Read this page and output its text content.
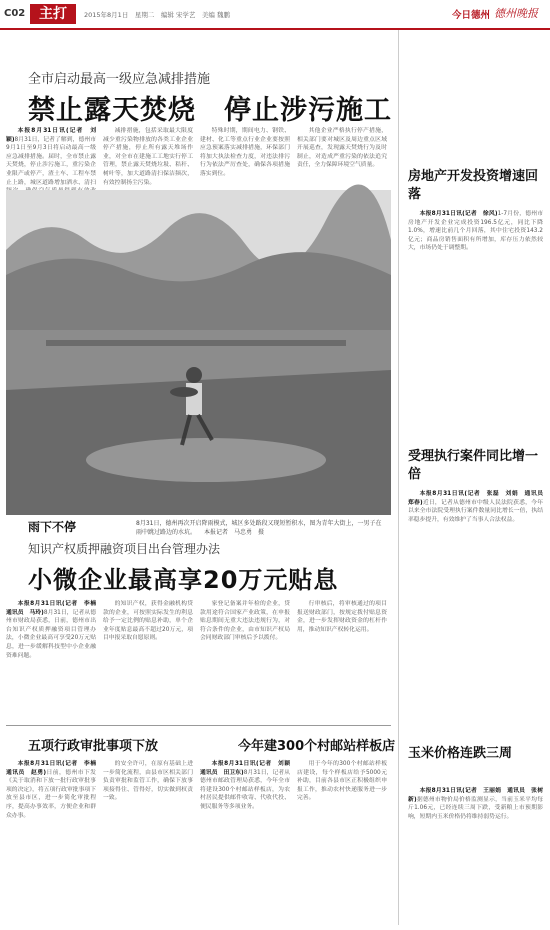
C02 主打	2015年8月1日　星期二　编辑 宋学艺　美编 魏鹏	今日德州 德州晚报
全市启动最高一级应急减排措施
禁止露天焚烧　停止涉污施工

本报8月31日讯(记者　刘颖)8月31日，记者了解到，德州市9月1日至9月3日将启动最高一级应急减排措施。届时，全市禁止露天焚烧，停止涉污施工，重污染企业限产或停产，渣土车、工程车禁止上路，城区道路增加洒水、清扫

减排措施，包括采取最大限度减少重污染物排放的各类工业企业停产措施，停止所有露天堆场作业，对全市在建施工工地实行停工管理，禁止露天焚烧垃圾、秸秆、树叶等，加大道路清扫保洁频次，有效控制扬尘污染。

特殊时期，期间电力、钢铁、建材、化工等重点行业企业要按照应急预案落实减排措施，环保部门将加大执法检查力度，对违法排污行为依法严厉查处，确保各项措施落实到位。

其他企业严格执行停产措施，相关部门要对城区及周边重点区域开展巡查，发现露天焚烧行为及时制止，对造成严重污染的依法追究责任，全力保障环境空气质量。

雨下不停	8月31日，德州再次开启降雨模式，城区多处路段又现短暂积水，图为青年大街上，一男子在雨中跳过路边的水坑。 本报记者　马忠勇　摄
知识产权质押融资项目出台管理办法
小微企业最高享20万元贴息

本报8月31日讯(记者　李楠　通讯员　马玲)8月31日，记者从德州市财政局获悉，日前，德州市出台知识产权质押融资项目管理办法，小微企业最高可享受20万元贴息，进一步缓解科技型中小企业融资难问题。

的知识产权，获得金融机构贷款的企业，可按照实际发生的利息给予一定比例的贴息补助，单个企业年度贴息最高不超过20万元，项目申报采取自愿原则。

家登记备案并年检的企业，贷款用途符合国家产业政策，在申报贴息期间无重大违法违规行为，对符合条件的企业，由市知识产权局会同财政部门审核后予以拨付。

行审核后，将审核通过的项目报送财政部门，按规定拨付贴息资金，进一步发挥财政资金的杠杆作用，推动知识产权转化运用。

五项行政审批事项下放	今年建300个村邮站样板店

本报8月31日讯(记者　李楠　通讯员　赵勇)日前，德州市下发《关于取消和下放一批行政审批事项的决定》，将五项行政审批事项下放至县市区，进一步简化审批程序，提高办事效率，方便企业和群众办事。

的安全许可，在原有基础上进一步简化流程，由县市区相关部门负责审批和监管工作，确保下放事项接得住、管得好，切实做到权责一致。

本报8月31日讯(记者　刘颖　通讯员　田卫东)8月31日，记者从德州市邮政管理局获悉，今年全市将建设300个村邮站样板店，为农村居民提供邮件收寄、代收代投、便民服务等多项业务。

用于今年的300个村邮站样板店建设，每个样板店给予5000元补助，目前各县市区正积极组织申报工作，推动农村快递服务进一步完善。

房地产开发投资增速回落

本报8月31日讯(记者　徐风)1-7月份，德州市房地产开发企业完成投资196.5亿元，同比下降1.0%，增速比前几个月回落，其中住宅投资143.2亿元；商品房销售面积有所增加，库存压力依然较大，市场仍处于调整期。

受理执行案件同比增一倍

本报8月31日讯(记者　张磊　刘娟　通讯员　郑春)近日，记者从德州市中级人民法院获悉，今年以来全市法院受理执行案件数量同比增长一倍，执结率稳步提升，有效维护了当事人合法权益。

玉米价格连跌三周

本报8月31日讯(记者　王丽娟　通讯员　张树新)据德州市物价局价格监测显示，当前玉米平均每斤1.06元，已经连续三周下跌，受新粮上市预期影响，短期内玉米价格仍将维持弱势运行。
